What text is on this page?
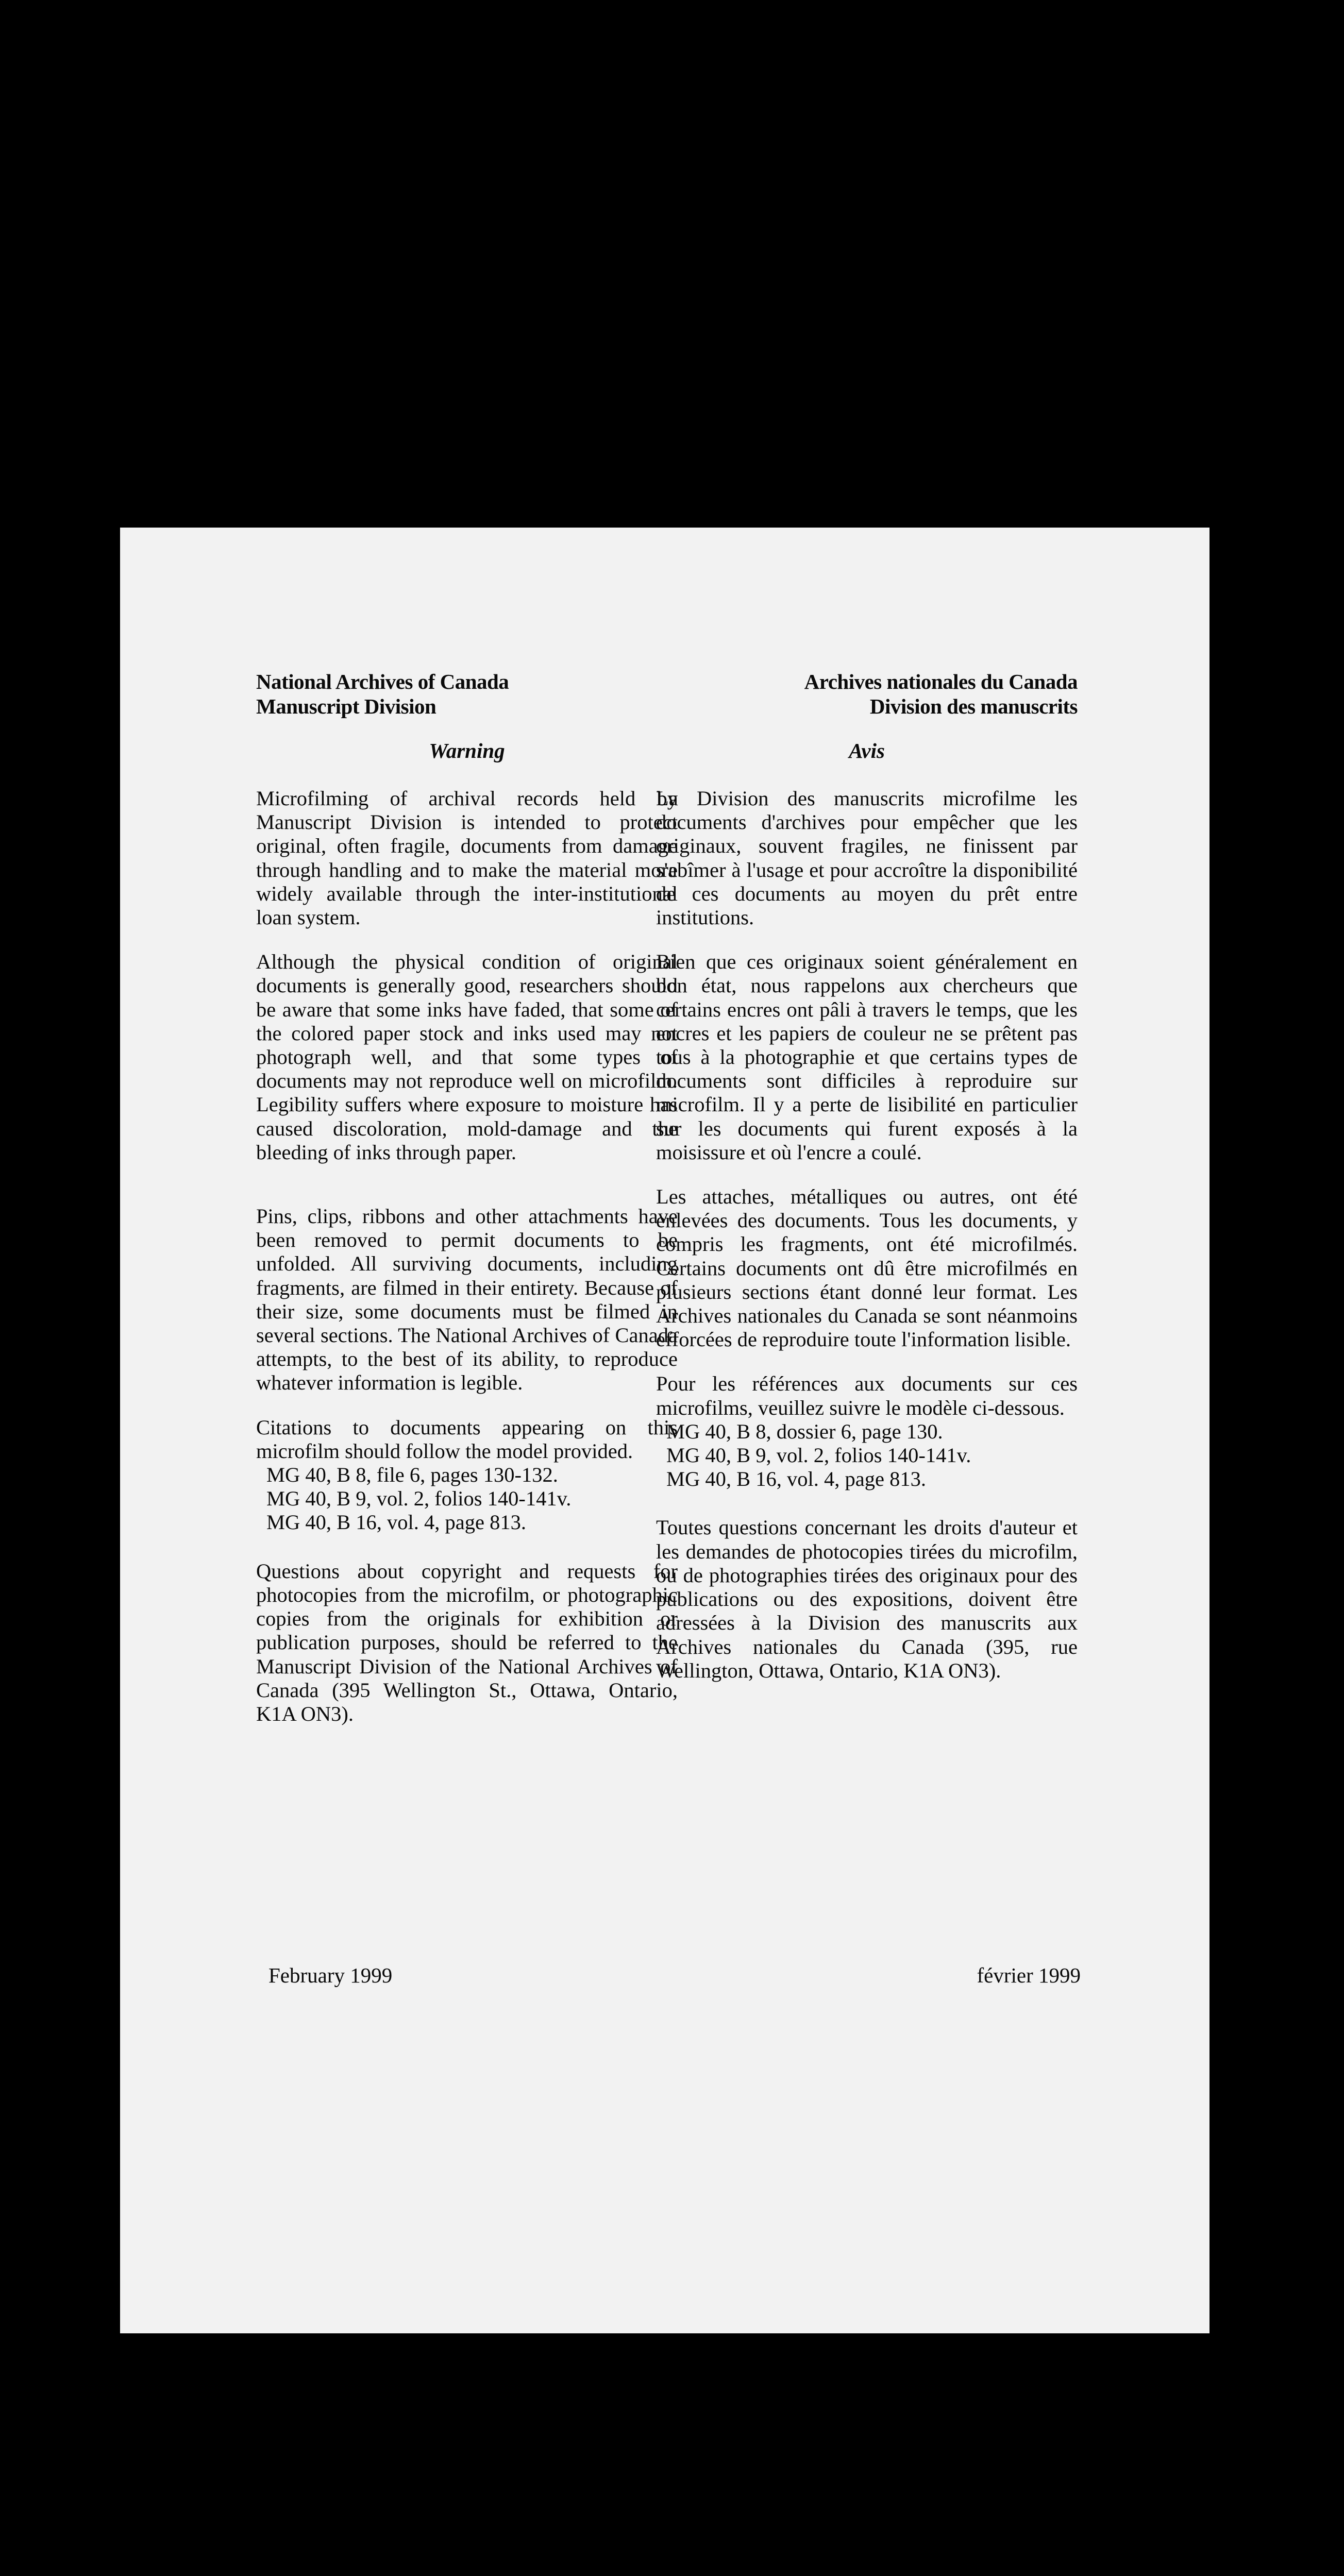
National Archives of Canada
Manuscript Division
Warning

Microfilming of archival records held by Manuscript Division is intended to protect original, often fragile, documents from damage through handling and to make the material more widely available through the inter-institutional loan system.

Although the physical condition of original documents is generally good, researchers should be aware that some inks have faded, that some of the colored paper stock and inks used may not photograph well, and that some types of documents may not reproduce well on microfilm. Legibility suffers where exposure to moisture has caused discoloration, mold-damage and the bleeding of inks through paper.

Pins, clips, ribbons and other attachments have been removed to permit documents to be unfolded. All surviving documents, including fragments, are filmed in their entirety. Because of their size, some documents must be filmed in several sections. The National Archives of Canada attempts, to the best of its ability, to reproduce whatever information is legible.

Citations to documents appearing on this microfilm should follow the model provided.

MG 40, B 8, file 6, pages 130-132.
MG 40, B 9, vol. 2, folios 140-141v.
MG 40, B 16, vol. 4, page 813.

Questions about copyright and requests for photocopies from the microfilm, or photographic copies from the originals for exhibition or publication purposes, should be referred to the Manuscript Division of the National Archives of Canada (395 Wellington St., Ottawa, Ontario, K1A ON3).

Archives nationales du Canada
Division des manuscrits
Avis

La Division des manuscrits microfilme les documents d'archives pour empêcher que les originaux, souvent fragiles, ne finissent par s'abîmer à l'usage et pour accroître la disponibilité de ces documents au moyen du prêt entre institutions.

Bien que ces originaux soient généralement en bon état, nous rappelons aux chercheurs que certains encres ont pâli à travers le temps, que les encres et les papiers de couleur ne se prêtent pas tous à la photographie et que certains types de documents sont difficiles à reproduire sur microfilm. Il y a perte de lisibilité en particulier sur les documents qui furent exposés à la moisissure et où l'encre a coulé.

Les attaches, métalliques ou autres, ont été enlevées des documents. Tous les documents, y compris les fragments, ont été microfilmés. Certains documents ont dû être microfilmés en plusieurs sections étant donné leur format. Les Archives nationales du Canada se sont néanmoins efforcées de reproduire toute l'information lisible.

Pour les références aux documents sur ces microfilms, veuillez suivre le modèle ci-dessous.

MG 40, B 8, dossier 6, page 130.
MG 40, B 9, vol. 2, folios 140-141v.
MG 40, B 16, vol. 4, page 813.

Toutes questions concernant les droits d'auteur et les demandes de photocopies tirées du microfilm, ou de photographies tirées des originaux pour des publications ou des expositions, doivent être adressées à la Division des manuscrits aux Archives nationales du Canada (395, rue Wellington, Ottawa, Ontario, K1A ON3).

February 1999	février 1999
